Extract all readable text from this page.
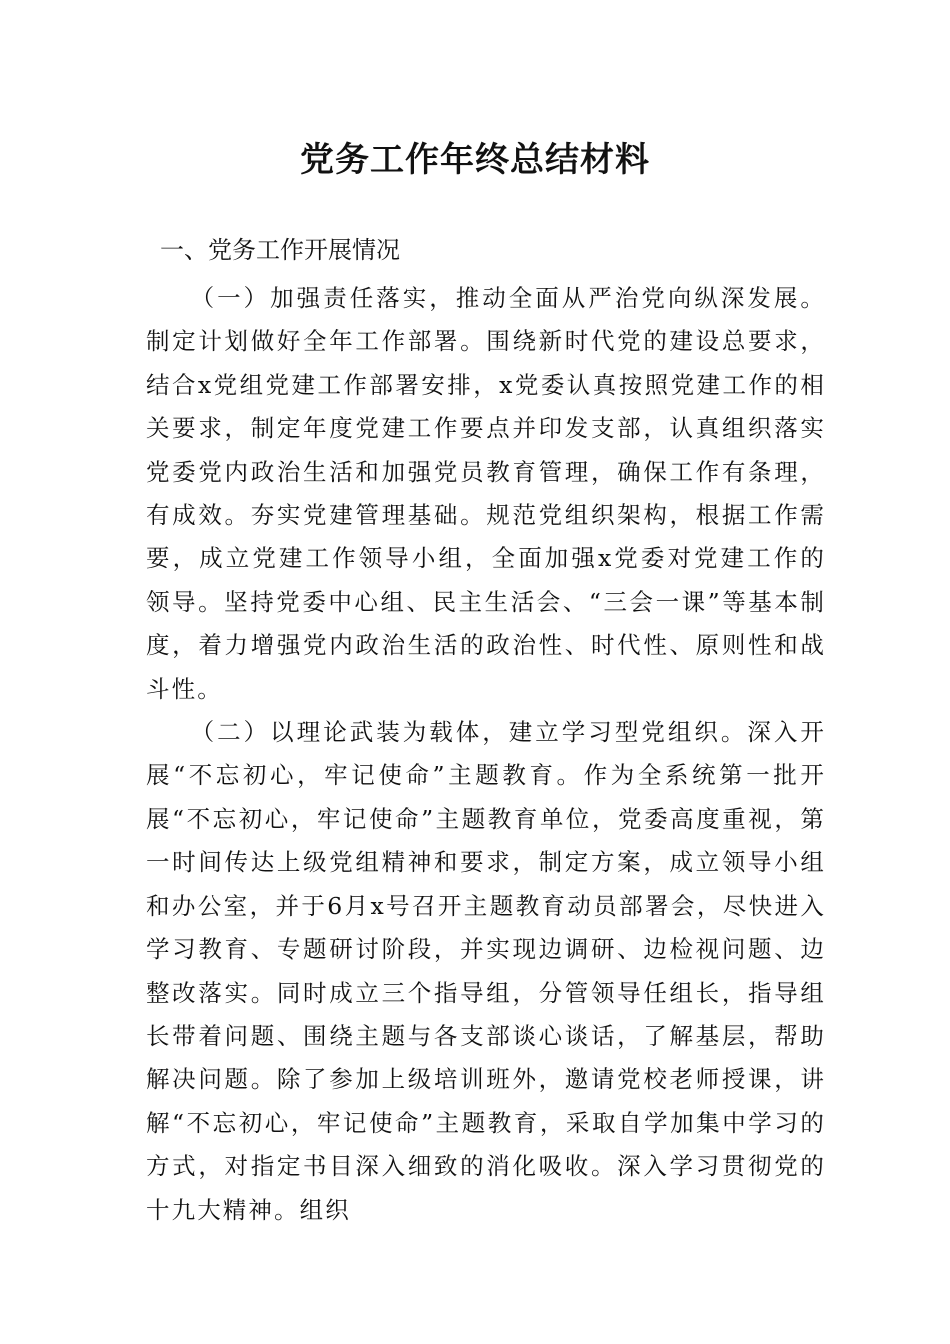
党务工作年终总结材料
一、党务工作开展情况

（一）加强责任落实，推动全面从严治党向纵深发展。制定计划做好全年工作部署。围绕新时代党的建设总要求，结合x党组党建工作部署安排，x党委认真按照党建工作的相关要求，制定年度党建工作要点并印发支部，认真组织落实党委党内政治生活和加强党员教育管理，确保工作有条理，有成效。夯实党建管理基础。规范党组织架构，根据工作需要，成立党建工作领导小组，全面加强x党委对党建工作的领导。坚持党委中心组、民主生活会、“三会一课”等基本制度，着力增强党内政治生活的政治性、时代性、原则性和战斗性。

（二）以理论武装为载体，建立学习型党组织。深入开展“不忘初心，牢记使命”主题教育。作为全系统第一批开展“不忘初心，牢记使命”主题教育单位，党委高度重视，第一时间传达上级党组精神和要求，制定方案，成立领导小组和办公室，并于6月x号召开主题教育动员部署会，尽快进入学习教育、专题研讨阶段，并实现边调研、边检视问题、边整改落实。同时成立三个指导组，分管领导任组长，指导组长带着问题、围绕主题与各支部谈心谈话，了解基层，帮助解决问题。除了参加上级培训班外，邀请党校老师授课，讲解“不忘初心，牢记使命”主题教育，采取自学加集中学习的方式，对指定书目深入细致的消化吸收。深入学习贯彻党的十九大精神。组织
